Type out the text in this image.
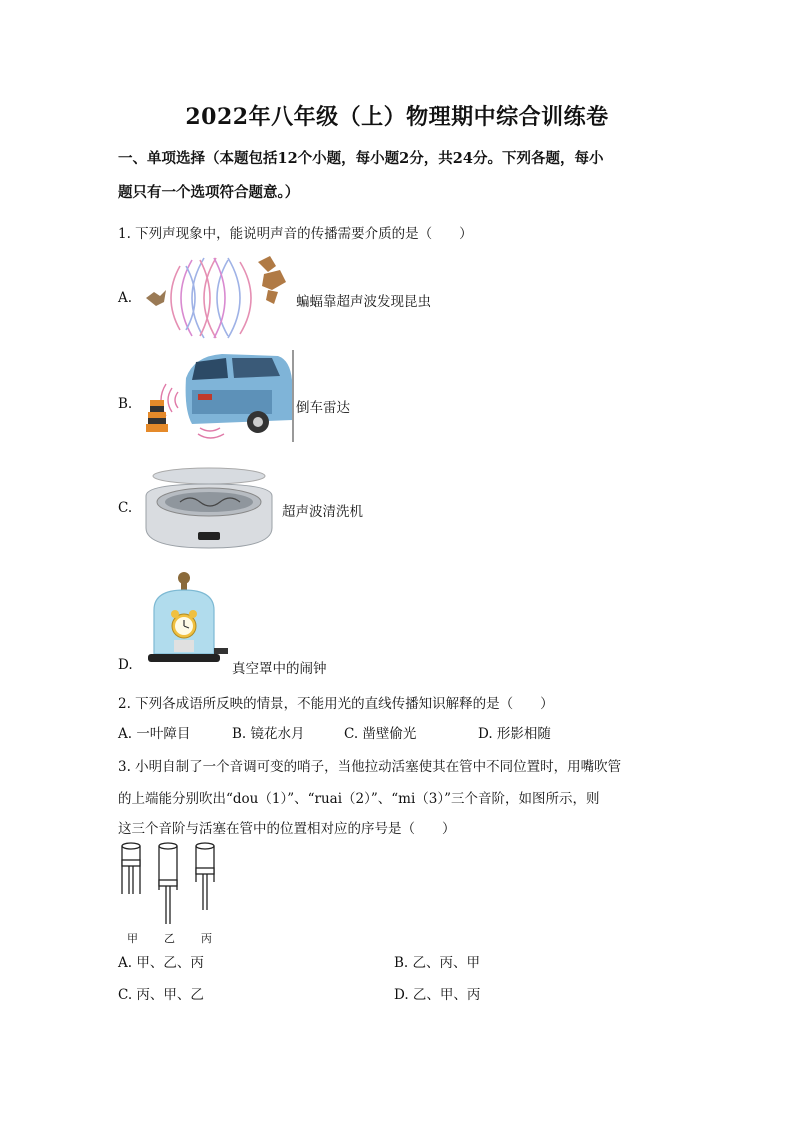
2022年八年级（上）物理期中综合训练卷
一、单项选择（本题包括12个小题，每小题2分，共24分。下列各题，每小
题只有一个选项符合题意。）
1. 下列声现象中，能说明声音的传播需要介质的是（　　）
A.	蝙蝠靠超声波发现昆虫
B.	倒车雷达
C.	超声波清洗机
D.	真空罩中的闹钟
2. 下列各成语所反映的情景，不能用光的直线传播知识解释的是（　　）
A. 一叶障目	B. 镜花水月	C. 凿壁偷光	D. 形影相随
3. 小明自制了一个音调可变的哨子，当他拉动活塞使其在管中不同位置时，用嘴吹管
的上端能分别吹出“dou（1）”、“ruai（2）”、“mi（3）”三个音阶，如图所示，则
这三个音阶与活塞在管中的位置相对应的序号是（　　）
甲 乙 丙
A. 甲、乙、丙	B. 乙、丙、甲
C. 丙、甲、乙	D. 乙、甲、丙
